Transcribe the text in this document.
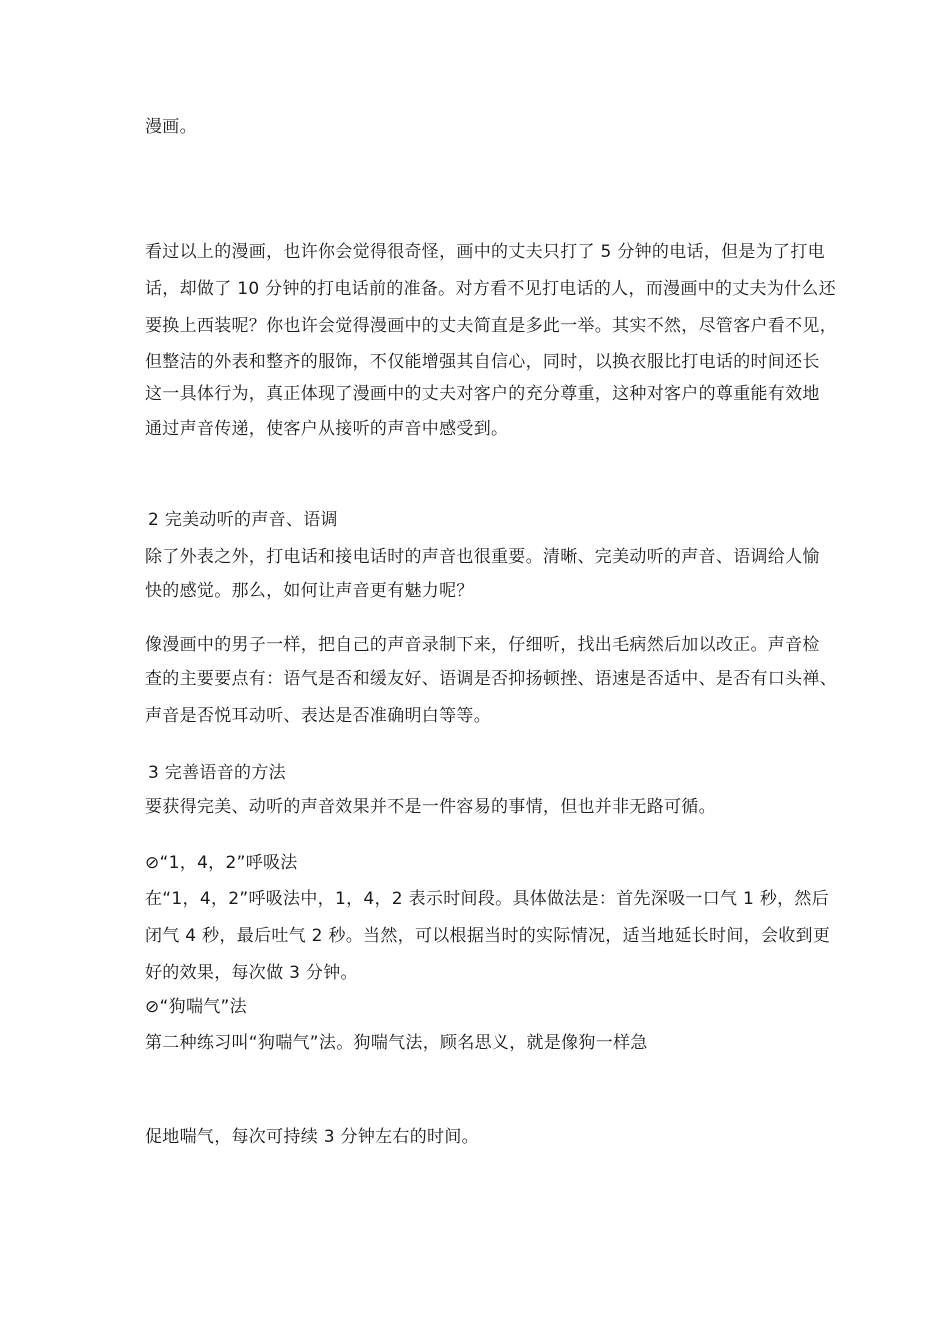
漫画。
看过以上的漫画，也许你会觉得很奇怪，画中的丈夫只打了 5 分钟的电话，但是为了打电
话，却做了 10 分钟的打电话前的准备。对方看不见打电话的人，而漫画中的丈夫为什么还
要换上西装呢？你也许会觉得漫画中的丈夫简直是多此一举。其实不然，尽管客户看不见，
但整洁的外表和整齐的服饰，不仅能增强其自信心，同时，以换衣服比打电话的时间还长
这一具体行为，真正体现了漫画中的丈夫对客户的充分尊重，这种对客户的尊重能有效地
通过声音传递，使客户从接听的声音中感受到。
2 完美动听的声音、语调
除了外表之外，打电话和接电话时的声音也很重要。清晰、完美动听的声音、语调给人愉
快的感觉。那么，如何让声音更有魅力呢？
像漫画中的男子一样，把自己的声音录制下来，仔细听，找出毛病然后加以改正。声音检
查的主要要点有：语气是否和缓友好、语调是否抑扬顿挫、语速是否适中、是否有口头禅、
声音是否悦耳动听、表达是否准确明白等等。
3 完善语音的方法
要获得完美、动听的声音效果并不是一件容易的事情，但也并非无路可循。
⊘“1，4，2”呼吸法
在“1，4，2”呼吸法中，1，4，2 表示时间段。具体做法是：首先深吸一口气 1 秒，然后
闭气 4 秒，最后吐气 2 秒。当然，可以根据当时的实际情况，适当地延长时间，会收到更
好的效果，每次做 3 分钟。
⊘“狗喘气”法
第二种练习叫“狗喘气”法。狗喘气法，顾名思义，就是像狗一样急
促地喘气，每次可持续 3 分钟左右的时间。
